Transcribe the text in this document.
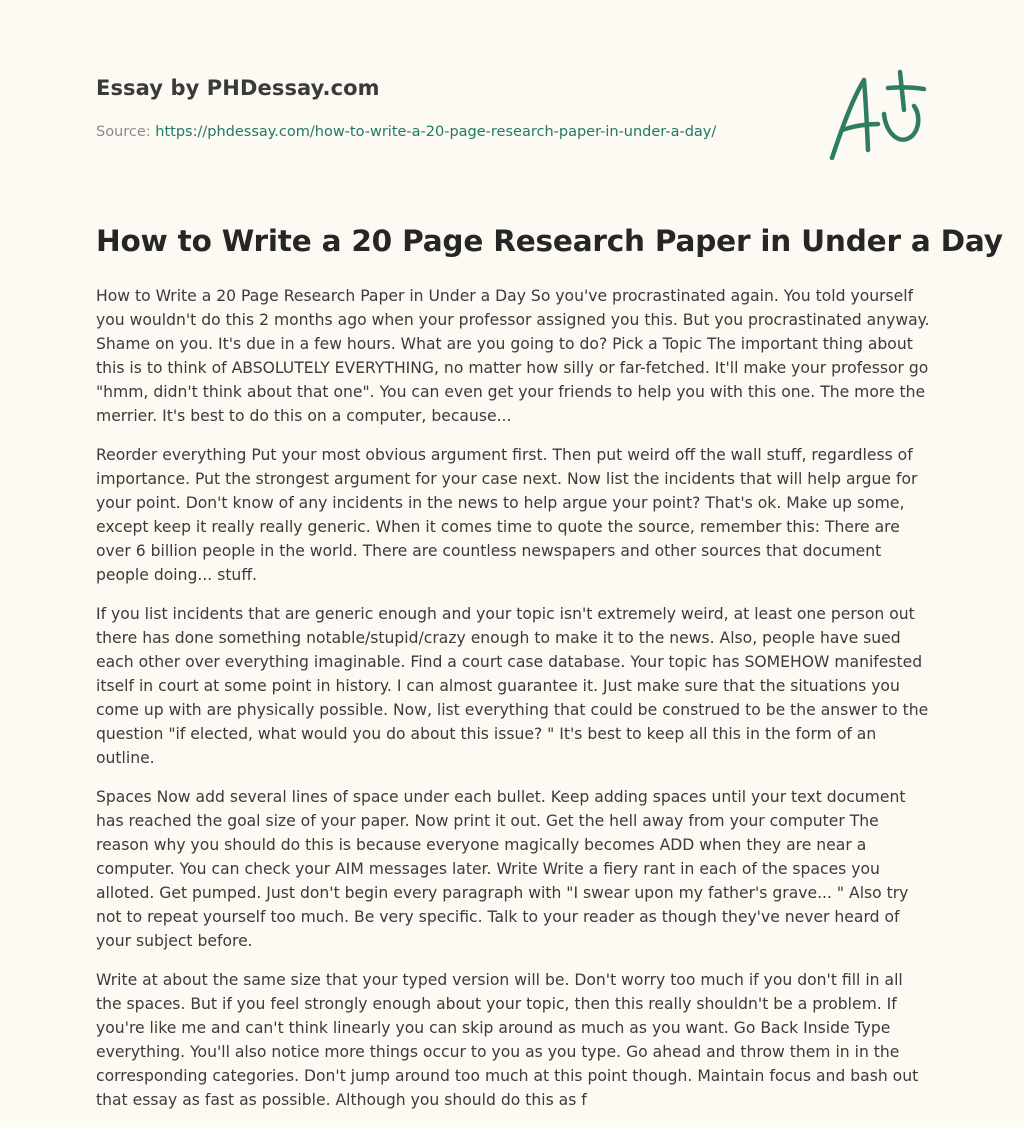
Essay by PHDessay.com
Source: https://phdessay.com/how-to-write-a-20-page-research-paper-in-under-a-day/
How to Write a 20 Page Research Paper in Under a Day

How to Write a 20 Page Research Paper in Under a Day So you've procrastinated again. You told yourself you wouldn't do this 2 months ago when your professor assigned you this. But you procrastinated anyway. Shame on you. It's due in a few hours. What are you going to do? Pick a Topic The important thing about this is to think of ABSOLUTELY EVERYTHING, no matter how silly or far-fetched. It'll make your professor go "hmm, didn't think about that one". You can even get your friends to help you with this one. The more the merrier. It's best to do this on a computer, because...

Reorder everything Put your most obvious argument first. Then put weird off the wall stuff, regardless of importance. Put the strongest argument for your case next. Now list the incidents that will help argue for your point. Don't know of any incidents in the news to help argue your point? That's ok. Make up some, except keep it really really generic. When it comes time to quote the source, remember this: There are over 6 billion people in the world. There are countless newspapers and other sources that document people doing... stuff.

If you list incidents that are generic enough and your topic isn't extremely weird, at least one person out there has done something notable/stupid/crazy enough to make it to the news. Also, people have sued each other over everything imaginable. Find a court case database. Your topic has SOMEHOW manifested itself in court at some point in history. I can almost guarantee it. Just make sure that the situations you come up with are physically possible. Now, list everything that could be construed to be the answer to the question "if elected, what would you do about this issue? " It's best to keep all this in the form of an outline.

Spaces Now add several lines of space under each bullet. Keep adding spaces until your text document has reached the goal size of your paper. Now print it out. Get the hell away from your computer The reason why you should do this is because everyone magically becomes ADD when they are near a computer. You can check your AIM messages later. Write Write a fiery rant in each of the spaces you alloted. Get pumped. Just don't begin every paragraph with "I swear upon my father's grave... " Also try not to repeat yourself too much. Be very specific. Talk to your reader as though they've never heard of your subject before.

Write at about the same size that your typed version will be. Don't worry too much if you don't fill in all the spaces. But if you feel strongly enough about your topic, then this really shouldn't be a problem. If you're like me and can't think linearly you can skip around as much as you want. Go Back Inside Type everything. You'll also notice more things occur to you as you type. Go ahead and throw them in in the corresponding categories. Don't jump around too much at this point though. Maintain focus and bash out that essay as fast as possible. Although you should do this as f
